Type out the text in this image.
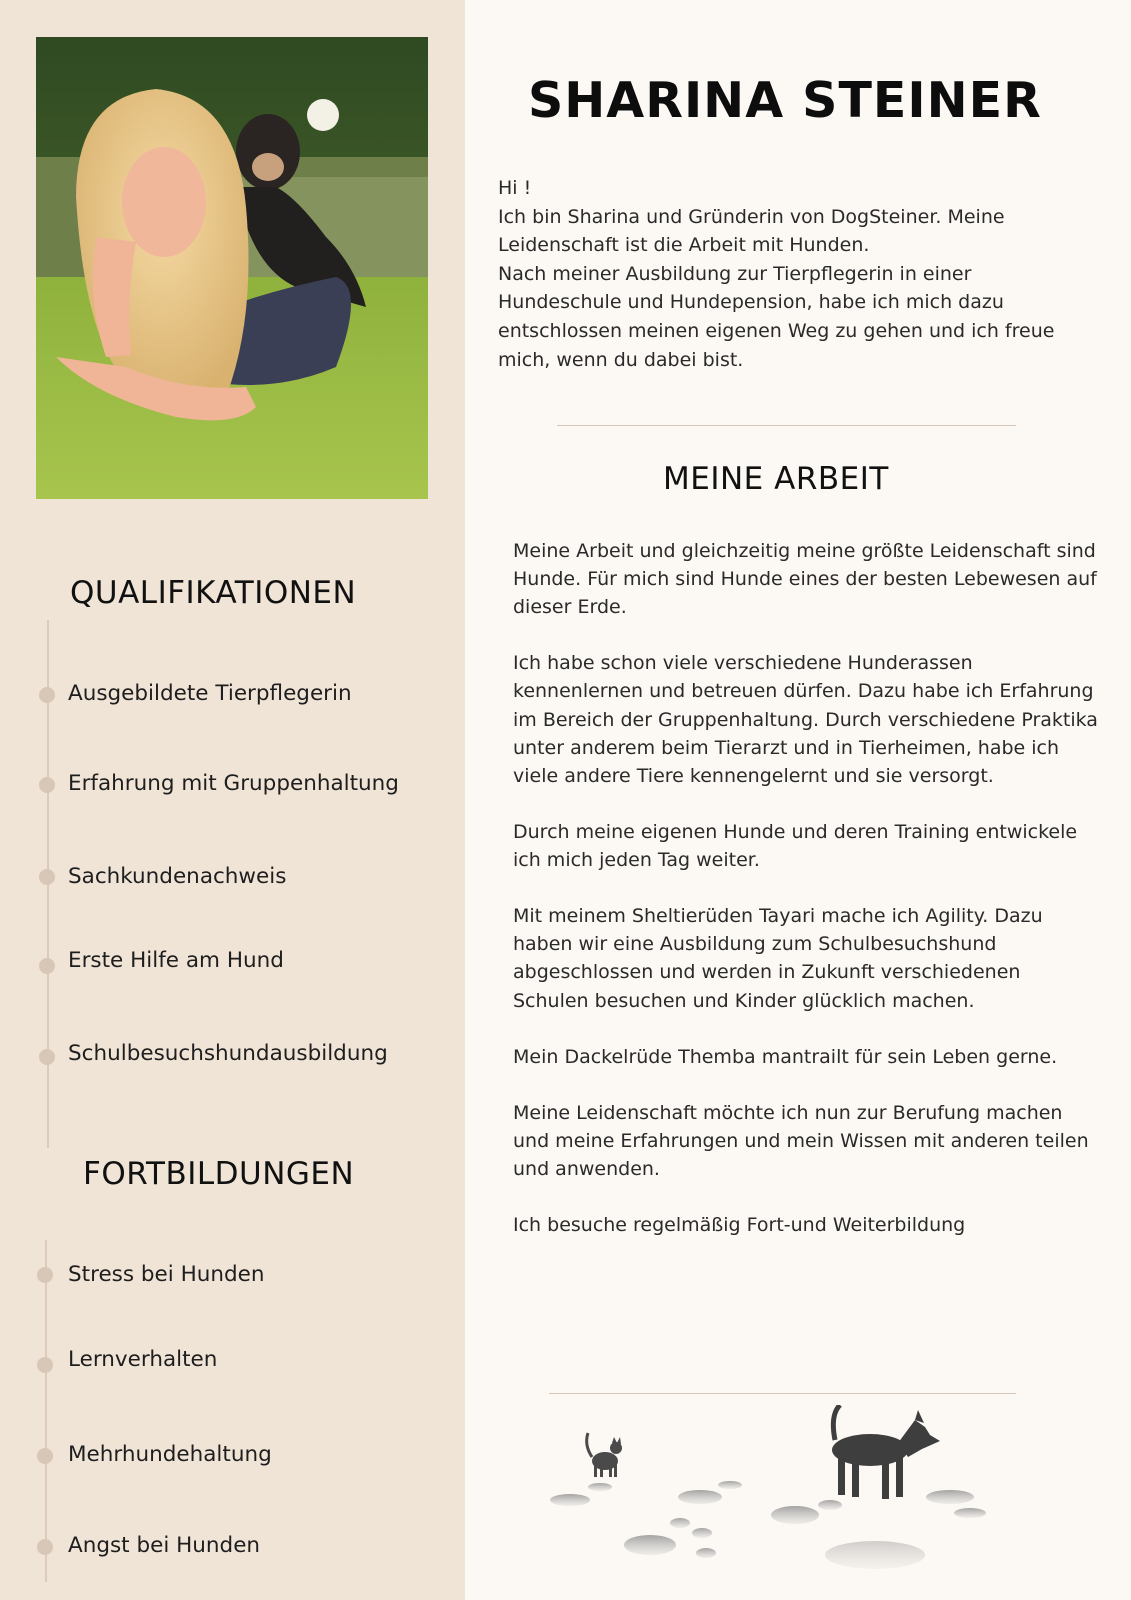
QUALIFIKATIONEN
Ausgebildete Tierpflegerin
Erfahrung mit Gruppenhaltung
Sachkundenachweis
Erste Hilfe am Hund
Schulbesuchshundausbildung
FORTBILDUNGEN
Stress bei Hunden
Lernverhalten
Mehrhundehaltung
Angst bei Hunden
SHARINA STEINER

Hi !

Ich bin Sharina und Gründerin von DogSteiner. Meine Leidenschaft ist die Arbeit mit Hunden.

Nach meiner Ausbildung zur Tierpflegerin in einer Hundeschule und Hundepension, habe ich mich dazu entschlossen meinen eigenen Weg zu gehen und ich freue mich, wenn du dabei bist.

MEINE ARBEIT

Meine Arbeit und gleichzeitig meine größte Leidenschaft sind Hunde. Für mich sind Hunde eines der besten Lebewesen auf dieser Erde.

Ich habe schon viele verschiedene Hunderassen kennenlernen und betreuen dürfen. Dazu habe ich Erfahrung im Bereich der Gruppenhaltung. Durch verschiedene Praktika unter anderem beim Tierarzt und in Tierheimen, habe ich viele andere Tiere kennengelernt und sie versorgt.

Durch meine eigenen Hunde und deren Training entwickele ich mich jeden Tag weiter.

Mit meinem Sheltierüden Tayari mache ich Agility. Dazu haben wir eine Ausbildung zum Schulbesuchshund abgeschlossen und werden in Zukunft verschiedenen Schulen besuchen und Kinder glücklich machen.

Mein Dackelrüde Themba mantrailt für sein Leben gerne.

Meine Leidenschaft möchte ich nun zur Berufung machen und meine Erfahrungen und mein Wissen mit anderen teilen und anwenden.

Ich besuche regelmäßig Fort-und Weiterbildung
